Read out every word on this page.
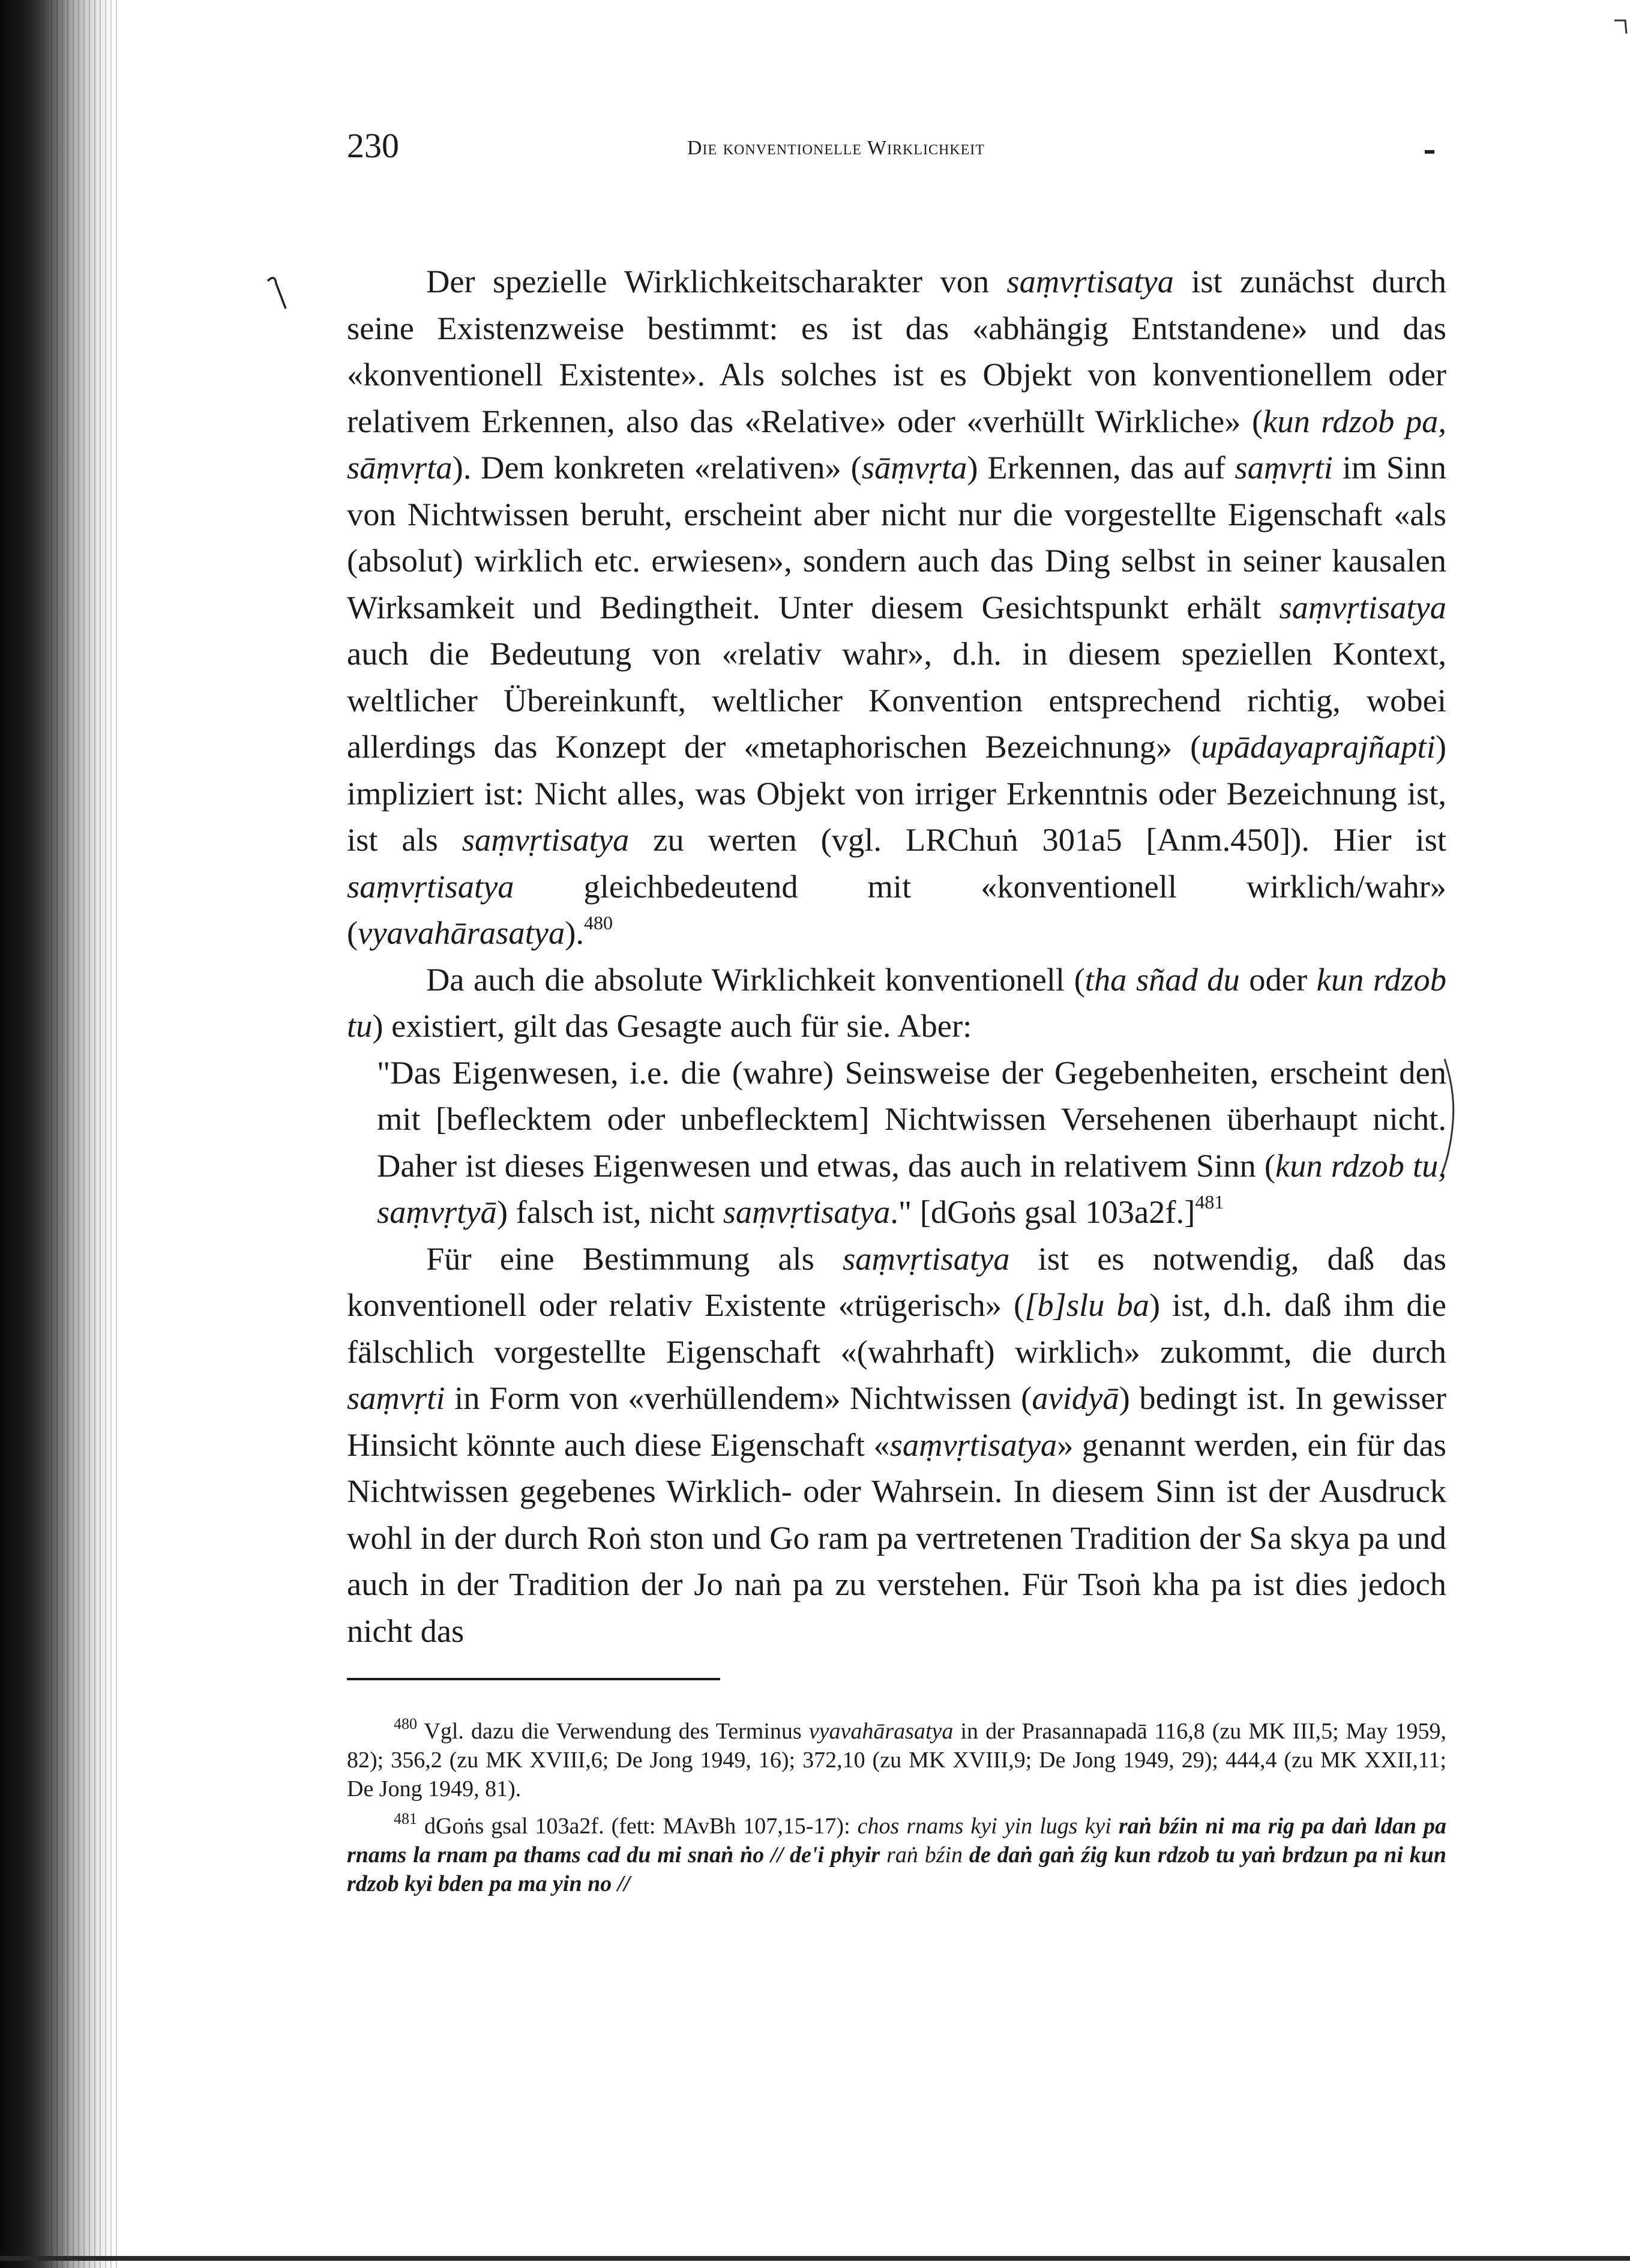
230	Die konventionelle Wirklichkeit

Der spezielle Wirklichkeitscharakter von saṃvṛtisatya ist zunächst durch seine Existenzweise bestimmt: es ist das «abhängig Entstandene» und das «konventionell Existente». Als solches ist es Objekt von konventionellem oder relativem Erkennen, also das «Relative» oder «verhüllt Wirkliche» (kun rdzob pa, sāṃvṛta). Dem konkreten «relativen» (sāṃvṛta) Erkennen, das auf saṃvṛti im Sinn von Nichtwissen beruht, erscheint aber nicht nur die vorgestellte Eigenschaft «als (absolut) wirklich etc. erwiesen», sondern auch das Ding selbst in seiner kausalen Wirksamkeit und Bedingtheit. Unter diesem Gesichtspunkt erhält saṃvṛtisatya auch die Bedeutung von «relativ wahr», d.h. in diesem speziellen Kontext, weltlicher Übereinkunft, weltlicher Konvention entsprechend richtig, wobei allerdings das Konzept der «metaphorischen Bezeichnung» (upādayaprajñapti) impliziert ist: Nicht alles, was Objekt von irriger Erkenntnis oder Bezeichnung ist, ist als saṃvṛtisatya zu werten (vgl. LRChuṅ 301a5 [Anm.450]). Hier ist saṃvṛtisatya gleichbedeutend mit «konventionell wirklich/wahr» (vyavahārasatya).$^{480}$

Da auch die absolute Wirklichkeit konventionell (tha sñad du oder kun rdzob tu) existiert, gilt das Gesagte auch für sie. Aber:

"Das Eigenwesen, i.e. die (wahre) Seinsweise der Gegebenheiten, erscheint den mit [beflecktem oder unbeflecktem] Nichtwissen Versehenen überhaupt nicht. Daher ist dieses Eigenwesen und etwas, das auch in relativem Sinn (kun rdzob tu, saṃvṛtyā) falsch ist, nicht saṃvṛtisatya." [dGoṅs gsal 103a2f.]$^{481}$

Für eine Bestimmung als saṃvṛtisatya ist es notwendig, daß das konventionell oder relativ Existente «trügerisch» ([b]slu ba) ist, d.h. daß ihm die fälschlich vorgestellte Eigenschaft «(wahrhaft) wirklich» zukommt, die durch saṃvṛti in Form von «verhüllendem» Nichtwissen (avidyā) bedingt ist. In gewisser Hinsicht könnte auch diese Eigenschaft «saṃvṛtisatya» genannt werden, ein für das Nichtwissen gegebenes Wirklich- oder Wahrsein. In diesem Sinn ist der Ausdruck wohl in der durch Roṅ ston und Go ram pa vertretenen Tradition der Sa skya pa und auch in der Tradition der Jo naṅ pa zu verstehen. Für Tsoṅ kha pa ist dies jedoch nicht das

$^{480}$ Vgl. dazu die Verwendung des Terminus vyavahārasatya in der Prasannapadā 116,8 (zu MK III,5; May 1959, 82); 356,2 (zu MK XVIII,6; De Jong 1949, 16); 372,10 (zu MK XVIII,9; De Jong 1949, 29); 444,4 (zu MK XXII,11; De Jong 1949, 81).

$^{481}$ dGoṅs gsal 103a2f. (fett: MAvBh 107,15-17): chos rnams kyi yin lugs kyi raṅ bźin ni ma rig pa daṅ ldan pa rnams la rnam pa thams cad du mi snaṅ ṅo // de'i phyir raṅ bźin de daṅ gaṅ źig kun rdzob tu yaṅ brdzun pa ni kun rdzob kyi bden pa ma yin no //
